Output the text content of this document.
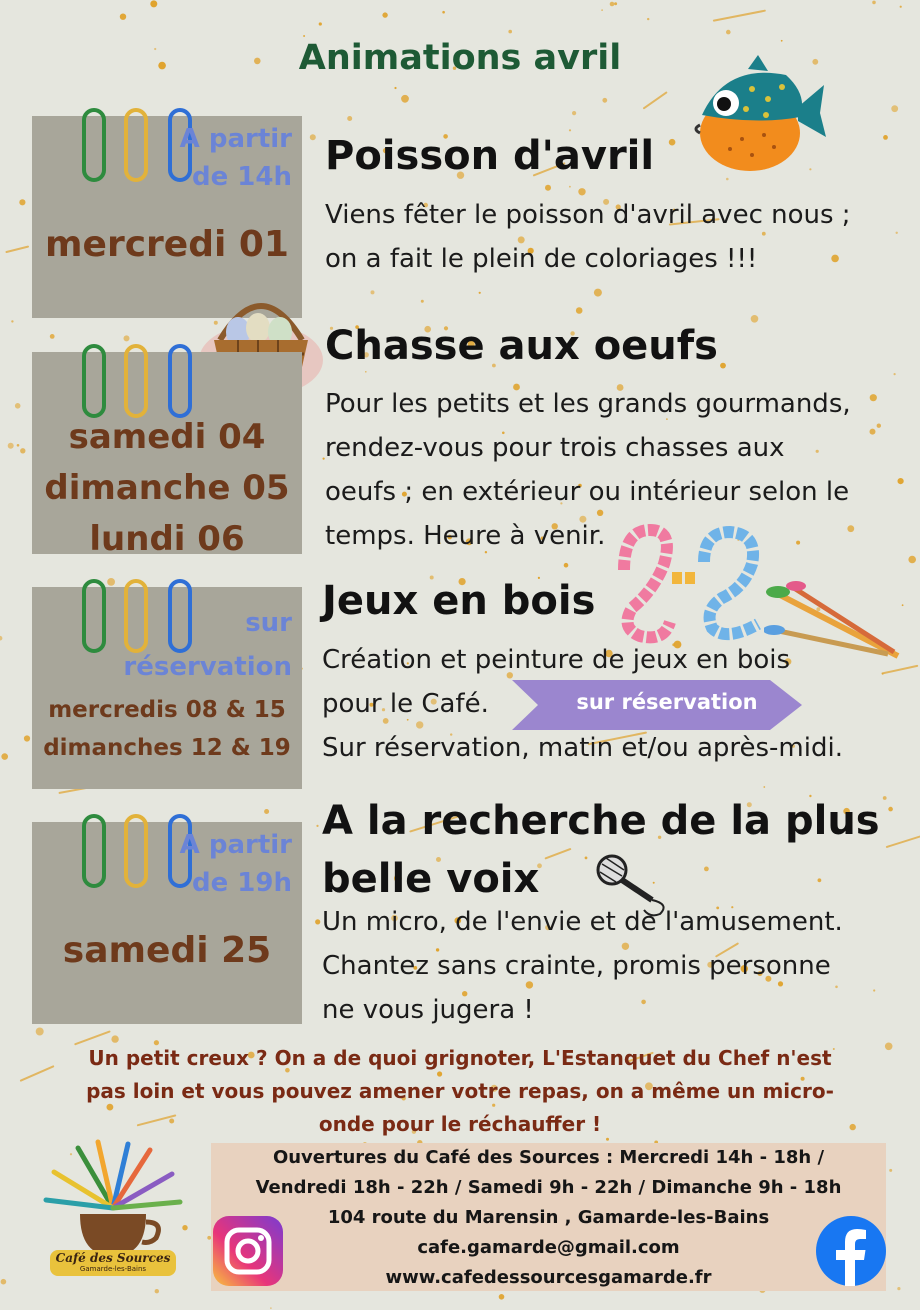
Animations avril
A partir
de 14h
mercredi 01
Poisson d'avril
Viens fêter le poisson d'avril avec nous ;
on a fait le plein de coloriages !!!
samedi 04
dimanche 05
lundi 06
Chasse aux oeufs
Pour les petits et les grands gourmands,
rendez-vous pour trois chasses aux
oeufs ; en extérieur ou intérieur selon le
temps. Heure à venir.
sur
réservation
mercredis 08 & 15
dimanches 12 & 19
Jeux en bois
Création et peinture de jeux en bois
pour le Café.
Sur réservation, matin et/ou après-midi.
sur réservation
A partir
de 19h
samedi 25
A la recherche de la plus
belle voix
Un micro, de l'envie et de l'amusement.
Chantez sans crainte, promis personne
ne vous jugera !
Un petit creux ? On a de quoi grignoter, L'Estanquet du Chef n'est
pas loin et vous pouvez amener votre repas, on a même un micro-
onde pour le réchauffer !
Café des Sources
Gamarde-les-Bains
Ouvertures du Café des Sources : Mercredi 14h - 18h /
Vendredi 18h - 22h / Samedi 9h - 22h / Dimanche 9h - 18h
104 route du Marensin , Gamarde-les-Bains
cafe.gamarde@gmail.com
www.cafedessourcesgamarde.fr
